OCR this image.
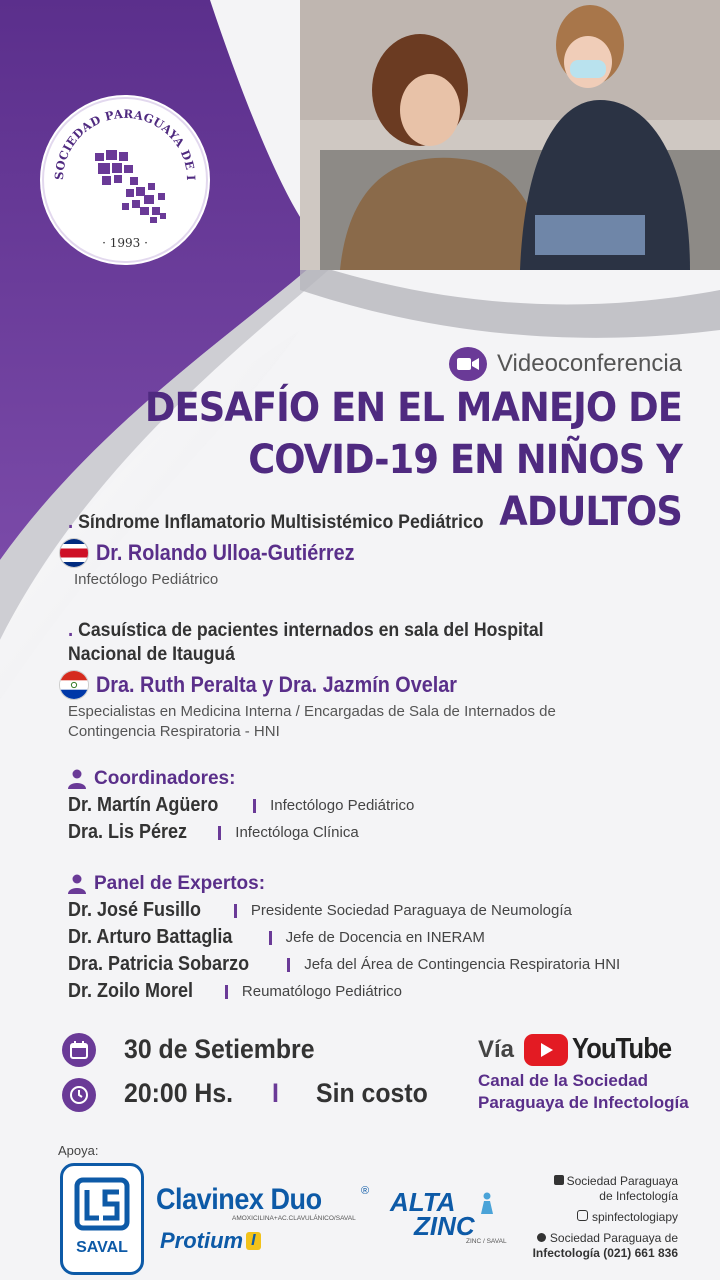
SOCIEDAD PARAGUAYA DE I
· 1993 ·
Videoconferencia
DESAFÍO EN EL MANEJO DE
COVID-19 EN NIÑOS Y ADULTOS
. Síndrome Inflamatorio Multisistémico Pediátrico
Dr. Rolando Ulloa-Gutiérrez
Infectólogo Pediátrico
. Casuística de pacientes internados en sala del Hospital
Nacional de Itauguá
Dra. Ruth Peralta y Dra. Jazmín Ovelar
Especialistas en Medicina Interna / Encargadas de Sala de Internados de
Contingencia Respiratoria - HNI
Coordinadores:
Dr. Martín Agüero	Infectólogo Pediátrico
Dra. Lis Pérez	Infectóloga Clínica
Panel de Expertos:
Dr. José Fusillo	Presidente Sociedad Paraguaya de Neumología
Dr. Arturo Battaglia	Jefe de Docencia en INERAM
Dra. Patricia Sobarzo	Jefa del Área de Contingencia Respiratoria HNI
Dr. Zoilo Morel	Reumatólogo Pediátrico
30 de Setiembre
20:00 Hs. I Sin costo
Vía YouTube
Canal de la Sociedad
Paraguaya de Infectología
Apoya:
SAVAL
Clavinex Duo	®
AMOXICILINA+AC.CLAVULÁNICO/SAVAL
Protium I
ALTA
ZINC
ZINC / SAVAL
Sociedad Paraguaya
de Infectología
spinfectologiapy
Sociedad Paraguaya de
Infectología (021) 661 836
